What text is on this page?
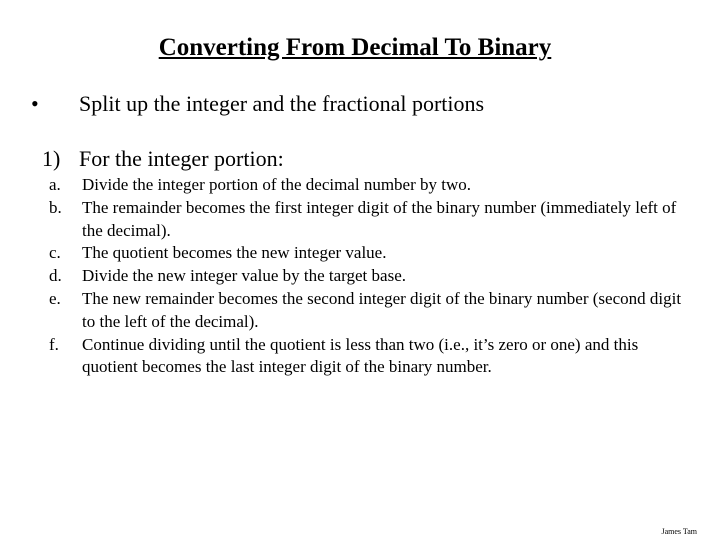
Converting From Decimal To Binary
• Split up the integer and the fractional portions
1) For the integer portion:
a.	Divide the integer portion of the decimal number by two.
b.	The remainder becomes the first integer digit of the binary number (immediately left of the decimal).
c.	The quotient becomes the new integer value.
d.	Divide the new integer value by the target base.
e.	The new remainder becomes the second integer digit of the binary number (second digit to the left of the decimal).
f.	Continue dividing until the quotient is less than two (i.e., it’s zero or one) and this quotient becomes the last integer digit of the binary number.
James Tam
